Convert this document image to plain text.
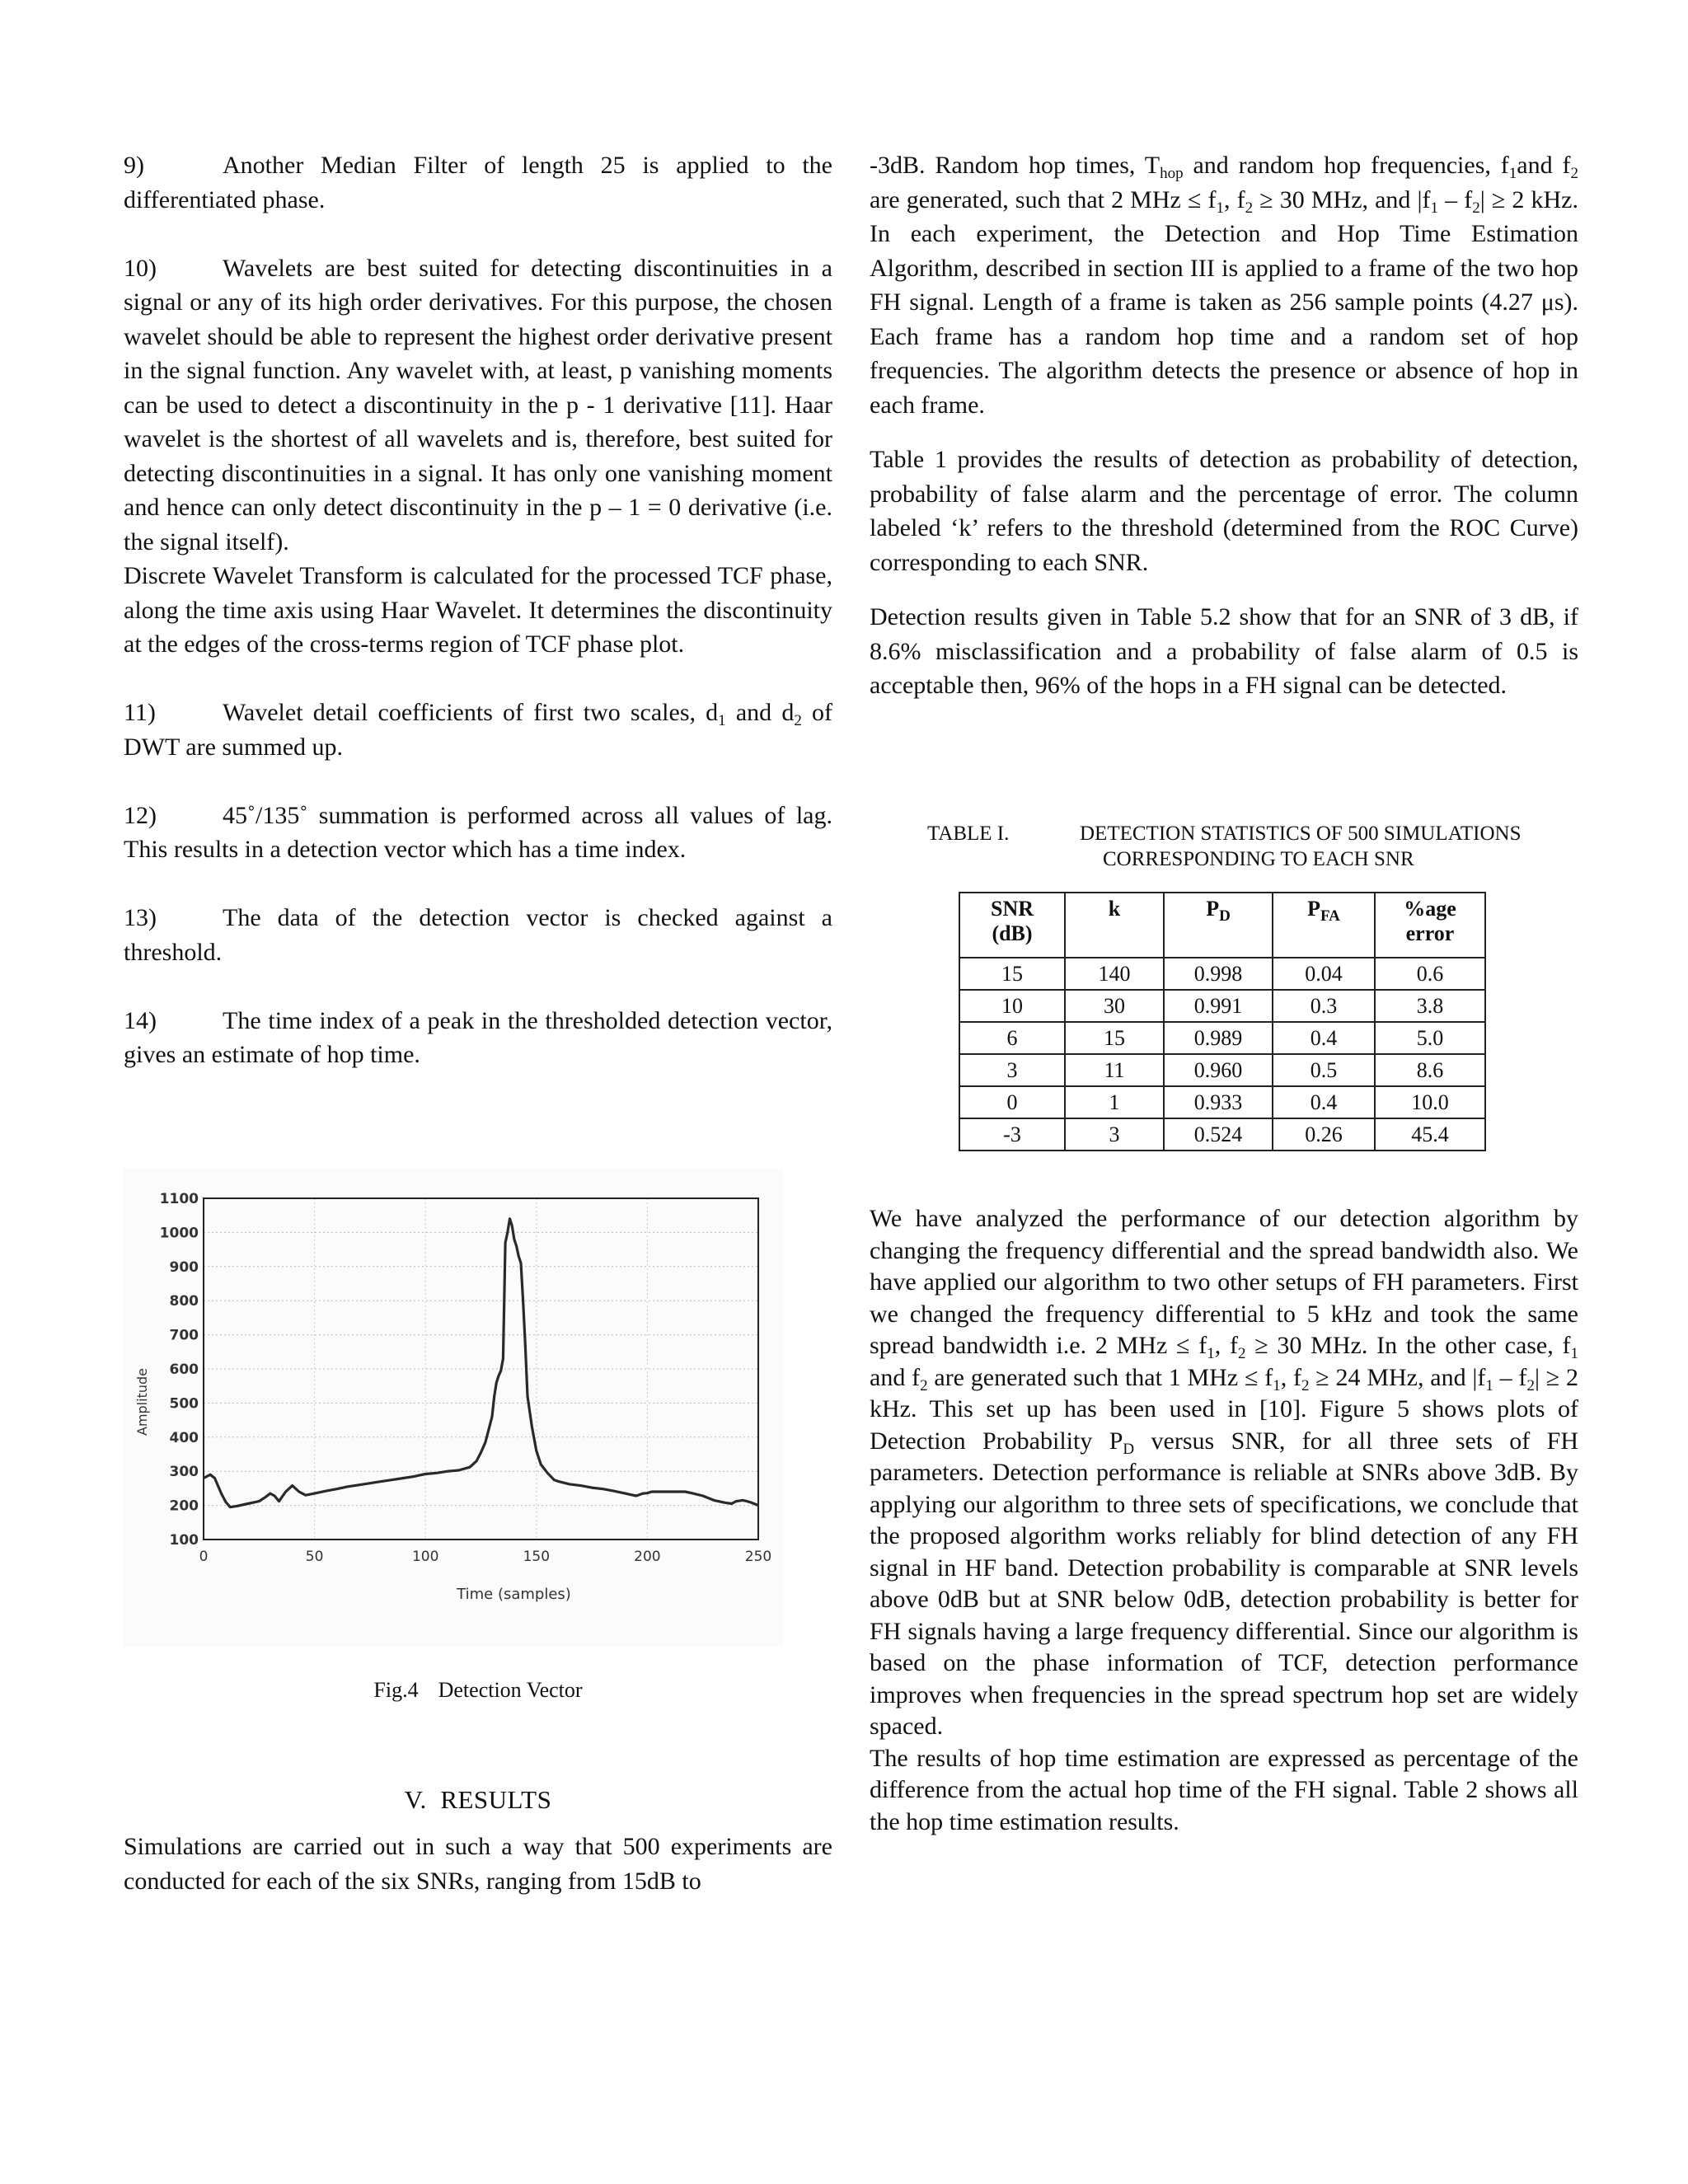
9)	Another Median Filter of length 25 is applied to the differentiated phase.

10)	Wavelets are best suited for detecting discontinuities in a signal or any of its high order derivatives. For this purpose, the chosen wavelet should be able to represent the highest order derivative present in the signal function. Any wavelet with, at least, p vanishing moments can be used to detect a discontinuity in the p - 1 derivative [11]. Haar wavelet is the shortest of all wavelets and is, therefore, best suited for detecting discontinuities in a signal. It has only one vanishing moment and hence can only detect discontinuity in the p – 1 = 0 derivative (i.e. the signal itself).

Discrete Wavelet Transform is calculated for the processed TCF phase, along the time axis using Haar Wavelet. It determines the discontinuity at the edges of the cross-terms region of TCF phase plot.

11)	Wavelet detail coefficients of first two scales, $d_1$ and $d_2$ of DWT are summed up.

12)	45˚/135˚ summation is performed across all values of lag. This results in a detection vector which has a time index.

13)	The data of the detection vector is checked against a threshold.

14)	The time index of a peak in the thresholded detection vector, gives an estimate of hop time.

100
200
300
400
500
600
700
800
900
1000
1100
0	50	100	150	200	250
Amplitude
Time (samples)
Fig.4 Detection Vector
V. RESULTS

Simulations are carried out in such a way that 500 experiments are conducted for each of the six SNRs, ranging from 15dB to

-3dB. Random hop times, $T_{hop}$ and random hop frequencies, $f_1and$ $f_2$ are generated, such that 2 MHz ≤ $f_1$, $f_2 \ge 30$ MHz, and $|f_1 - f_2| \ge 2$ kHz. In each experiment, the Detection and Hop Time Estimation Algorithm, described in section III is applied to a frame of the two hop FH signal. Length of a frame is taken as 256 sample points (4.27 μs). Each frame has a random hop time and a random set of hop frequencies. The algorithm detects the presence or absence of hop in each frame.

Table 1 provides the results of detection as probability of detection, probability of false alarm and the percentage of error. The column labeled ‘k’ refers to the threshold (determined from the ROC Curve) corresponding to each SNR.

Detection results given in Table 5.2 show that for an SNR of 3 dB, if 8.6% misclassification and a probability of false alarm of 0.5 is acceptable then, 96% of the hops in a FH signal can be detected.

TABLE I.	DETECTION STATISTICS OF 500 SIMULATIONS
CORRESPONDING TO EACH SNR
SNR
(dB)	k	$P_D$	$P_{FA}$	%age
error
15	140	0.998	0.04	0.6
10	30	0.991	0.3	3.8
6	15	0.989	0.4	5.0
3	11	0.960	0.5	8.6
0	1	0.933	0.4	10.0
-3	3	0.524	0.26	45.4

We have analyzed the performance of our detection algorithm by changing the frequency differential and the spread bandwidth also. We have applied our algorithm to two other setups of FH parameters. First we changed the frequency differential to 5 kHz and took the same spread bandwidth i.e. 2 MHz ≤ $f_1$, $f_2 \ge 30$ MHz. In the other case, $f_1$ and $f_2$ are generated such that 1 MHz ≤ $f_1$, $f_2 \ge 24$ MHz, and $|f_1 - f_2| \ge 2$ kHz. This set up has been used in [10]. Figure 5 shows plots of Detection Probability $P_D$ versus SNR, for all three sets of FH parameters. Detection performance is reliable at SNRs above 3dB. By applying our algorithm to three sets of specifications, we conclude that the proposed algorithm works reliably for blind detection of any FH signal in HF band. Detection probability is comparable at SNR levels above 0dB but at SNR below 0dB, detection probability is better for FH signals having a large frequency differential. Since our algorithm is based on the phase information of TCF, detection performance improves when frequencies in the spread spectrum hop set are widely spaced.

The results of hop time estimation are expressed as percentage of the difference from the actual hop time of the FH signal. Table 2 shows all the hop time estimation results.
